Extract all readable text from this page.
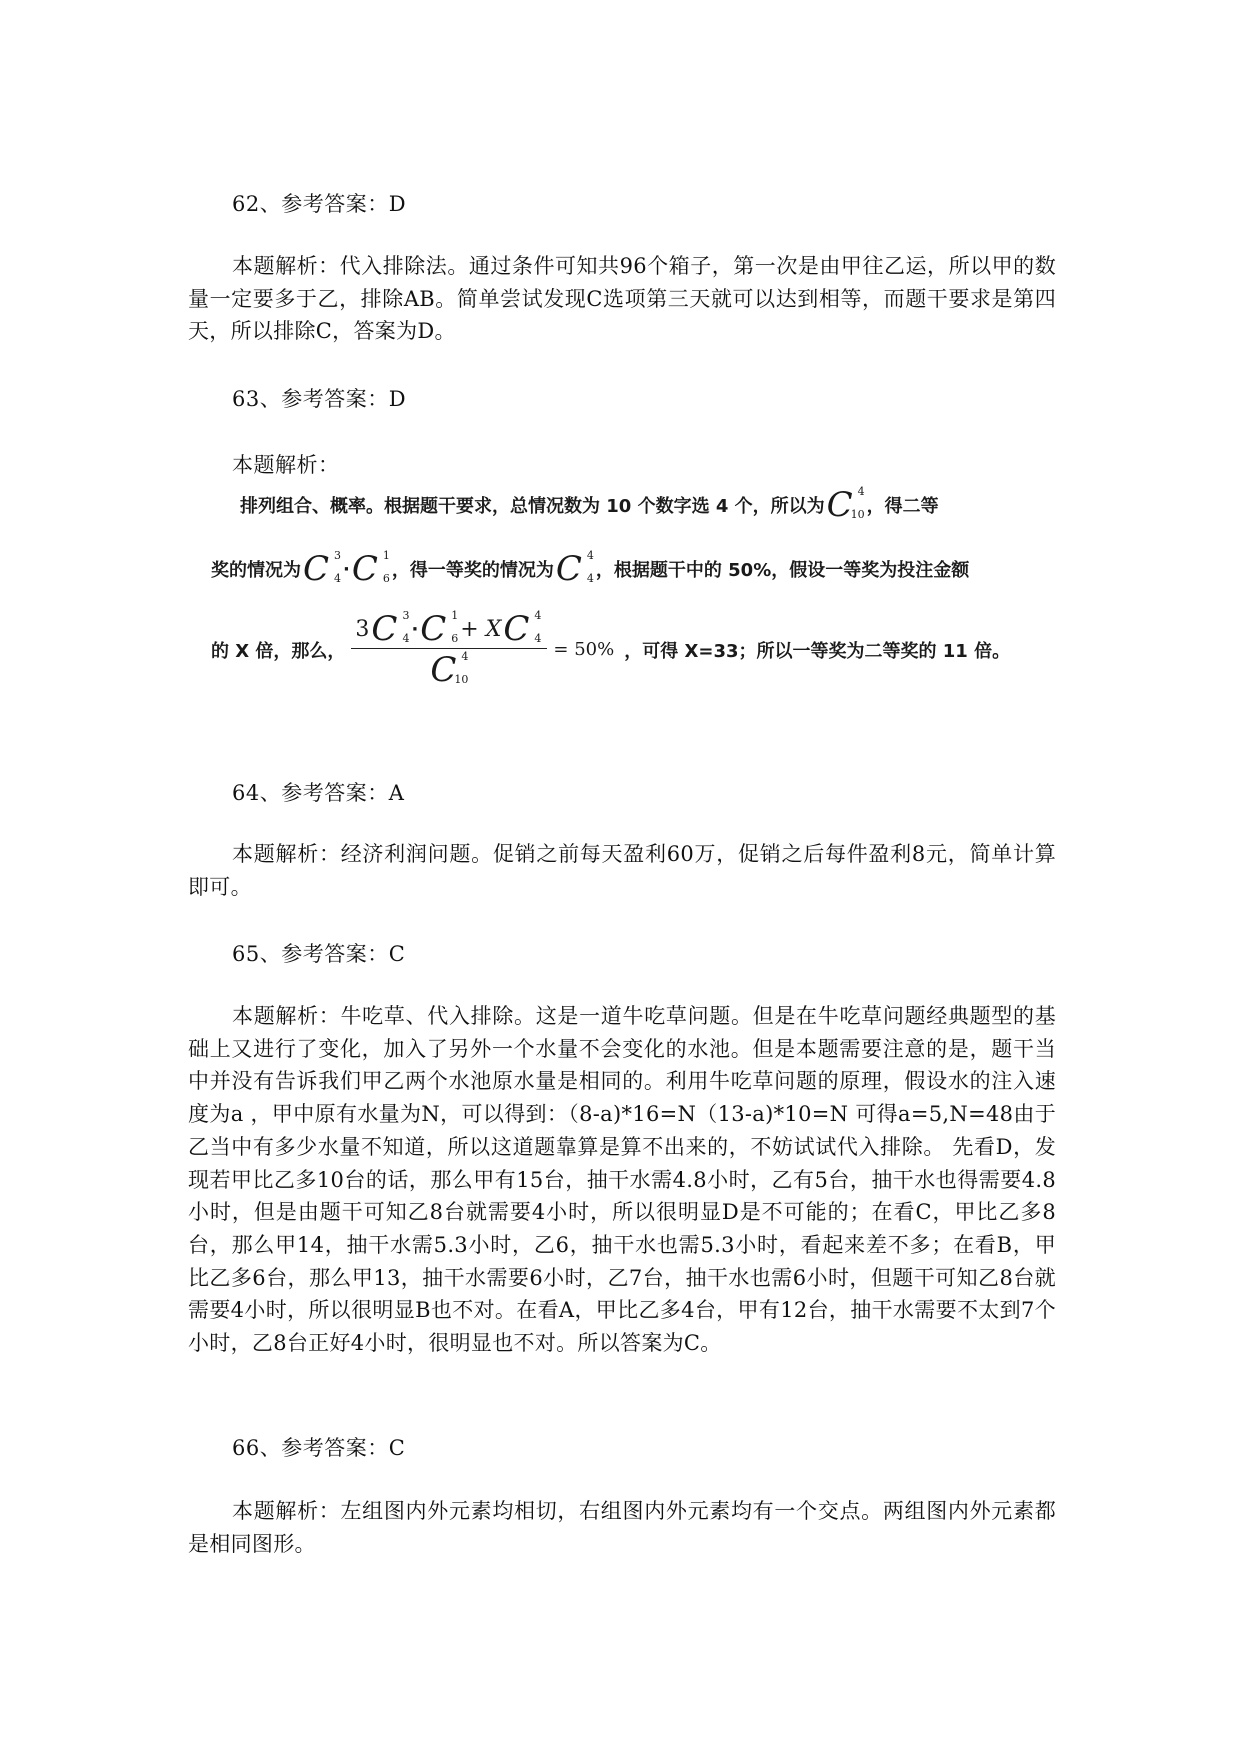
62、参考答案：D
本题解析：代入排除法。通过条件可知共96个箱子，第一次是由甲往乙运，所以甲的数量一定要多于乙，排除AB。简单尝试发现C选项第三天就可以达到相等，而题干要求是第四天，所以排除C，答案为D。
63、参考答案：D
本题解析：
排列组合、概率。根据题干要求，总情况数为 10 个数字选 4 个，所以为 C 4
10 ，得二等
奖的情况为 C 3
4 · C 1
6 ，得一等奖的情况为 C 4
4 ，根据题干中的 50%，假设一等奖为投注金额
的 X 倍，那么，
3 C 3
4 · C 1
6 + X C 4
4
C 4
10
= 50% ，可得 X=33；所以一等奖为二等奖的 11 倍。
64、参考答案：A
本题解析：经济利润问题。促销之前每天盈利60万，促销之后每件盈利8元，简单计算即可。
65、参考答案：C
本题解析：牛吃草、代入排除。这是一道牛吃草问题。但是在牛吃草问题经典题型的基础上又进行了变化，加入了另外一个水量不会变化的水池。但是本题需要注意的是，题干当中并没有告诉我们甲乙两个水池原水量是相同的。利用牛吃草问题的原理，假设水的注入速度为a ，甲中原有水量为N，可以得到：（8-a)*16=N（13-a)*10=N 可得a=5,N=48由于乙当中有多少水量不知道，所以这道题靠算是算不出来的，不妨试试代入排除。 先看D，发现若甲比乙多10台的话，那么甲有15台，抽干水需4.8小时，乙有5台，抽干水也得需要4.8小时，但是由题干可知乙8台就需要4小时，所以很明显D是不可能的；在看C，甲比乙多8台，那么甲14，抽干水需5.3小时，乙6，抽干水也需5.3小时，看起来差不多；在看B，甲比乙多6台，那么甲13，抽干水需要6小时，乙7台，抽干水也需6小时，但题干可知乙8台就需要4小时，所以很明显B也不对。在看A，甲比乙多4台，甲有12台，抽干水需要不太到7个小时，乙8台正好4小时，很明显也不对。所以答案为C。
66、参考答案：C
本题解析：左组图内外元素均相切，右组图内外元素均有一个交点。两组图内外元素都是相同图形。
